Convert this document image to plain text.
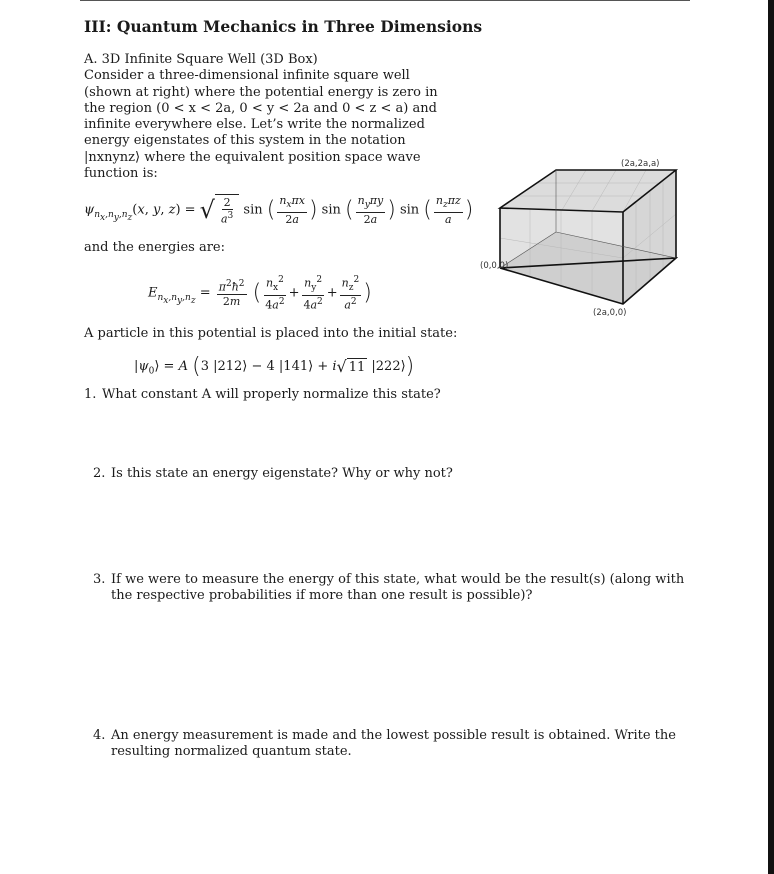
III: Quantum Mechanics in Three Dimensions
A. 3D Infinite Square Well (3D Box)
Consider a three-dimensional infinite square well (shown at right) where the potential energy is zero in the region (0 < x < 2a, 0 < y < 2a and 0 < z < a) and infinite everywhere else. Let’s write the normalized energy eigenstates of this system in the notation |nxnynz⟩ where the equivalent position space wave function is:
$\psi_{n_x,n_y,n_z}(x$, y, z) = √ $\frac{2}{a^3}$ sin ( $\frac{n_x\pi x}{2a}$ ) sin ( $\frac{n_y\pi y}{2a}$ ) sin ( $\frac{n_z\pi z}{a}$ )
and the energies are:
$E_{n_x,n_y,n_z} = \frac{\pi^2ħ^2}{2m}$ ( $\frac{n_x^2}{4a^2} + \frac{n_y^2}{4a^2} + \frac{n_z^2}{a^2}$ )
A particle in this potential is placed into the initial state:
$|\psi_0⟩ = A$ (3 |212⟩ − 4 |141⟩ + i √ 11 |222⟩)
(2a,2a,a)
(0,0,0)
(2a,0,0)
1. What constant A will properly normalize this state?
2. Is this state an energy eigenstate? Why or why not?
3. If we were to measure the energy of this state, what would be the result(s) (along with the respective probabilities if more than one result is possible)?
4. An energy measurement is made and the lowest possible result is obtained. Write the resulting normalized quantum state.
